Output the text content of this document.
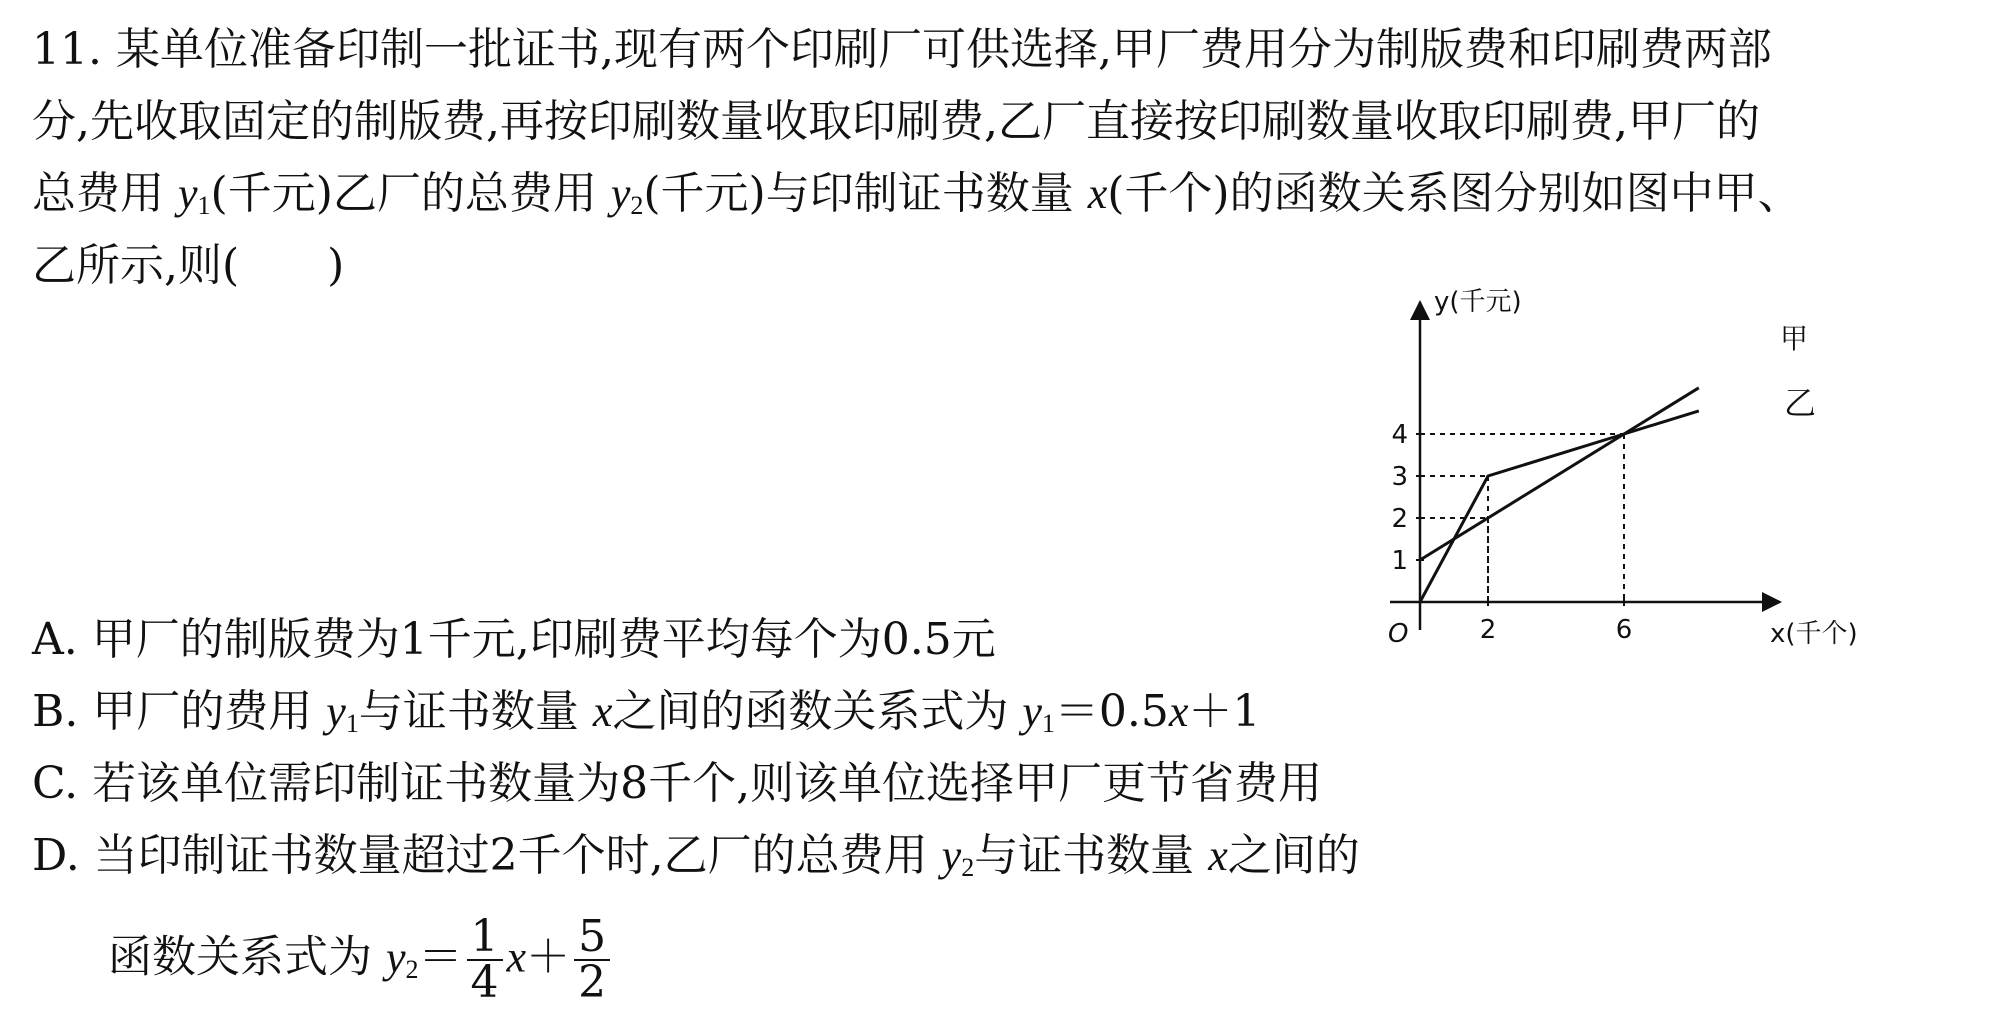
11. 某单位准备印制一批证书,现有两个印刷厂可供选择,甲厂费用分为制版费和印刷费两部
分,先收取固定的制版费,再按印刷数量收取印刷费,乙厂直接按印刷数量收取印刷费,甲厂的
总费用 $y_1$(千元)乙厂的总费用 $y_2$(千元)与印制证书数量 x(千个)的函数关系图分别如图中甲、
乙所示,则(　　)
2	6
1
2
3
4
O
y(千元)
x(千个)
甲
乙
A. 甲厂的制版费为1千元,印刷费平均每个为0.5元
B. 甲厂的费用 $y_1$与证书数量 x之间的函数关系式为 $y_1=0.5x+1$
C. 若该单位需印制证书数量为8千个,则该单位选择甲厂更节省费用
D. 当印制证书数量超过2千个时,乙厂的总费用 $y_2$与证书数量 x之间的
函数关系式为 $y_2= \frac{1}{4} x+ \frac{5}{2}$
